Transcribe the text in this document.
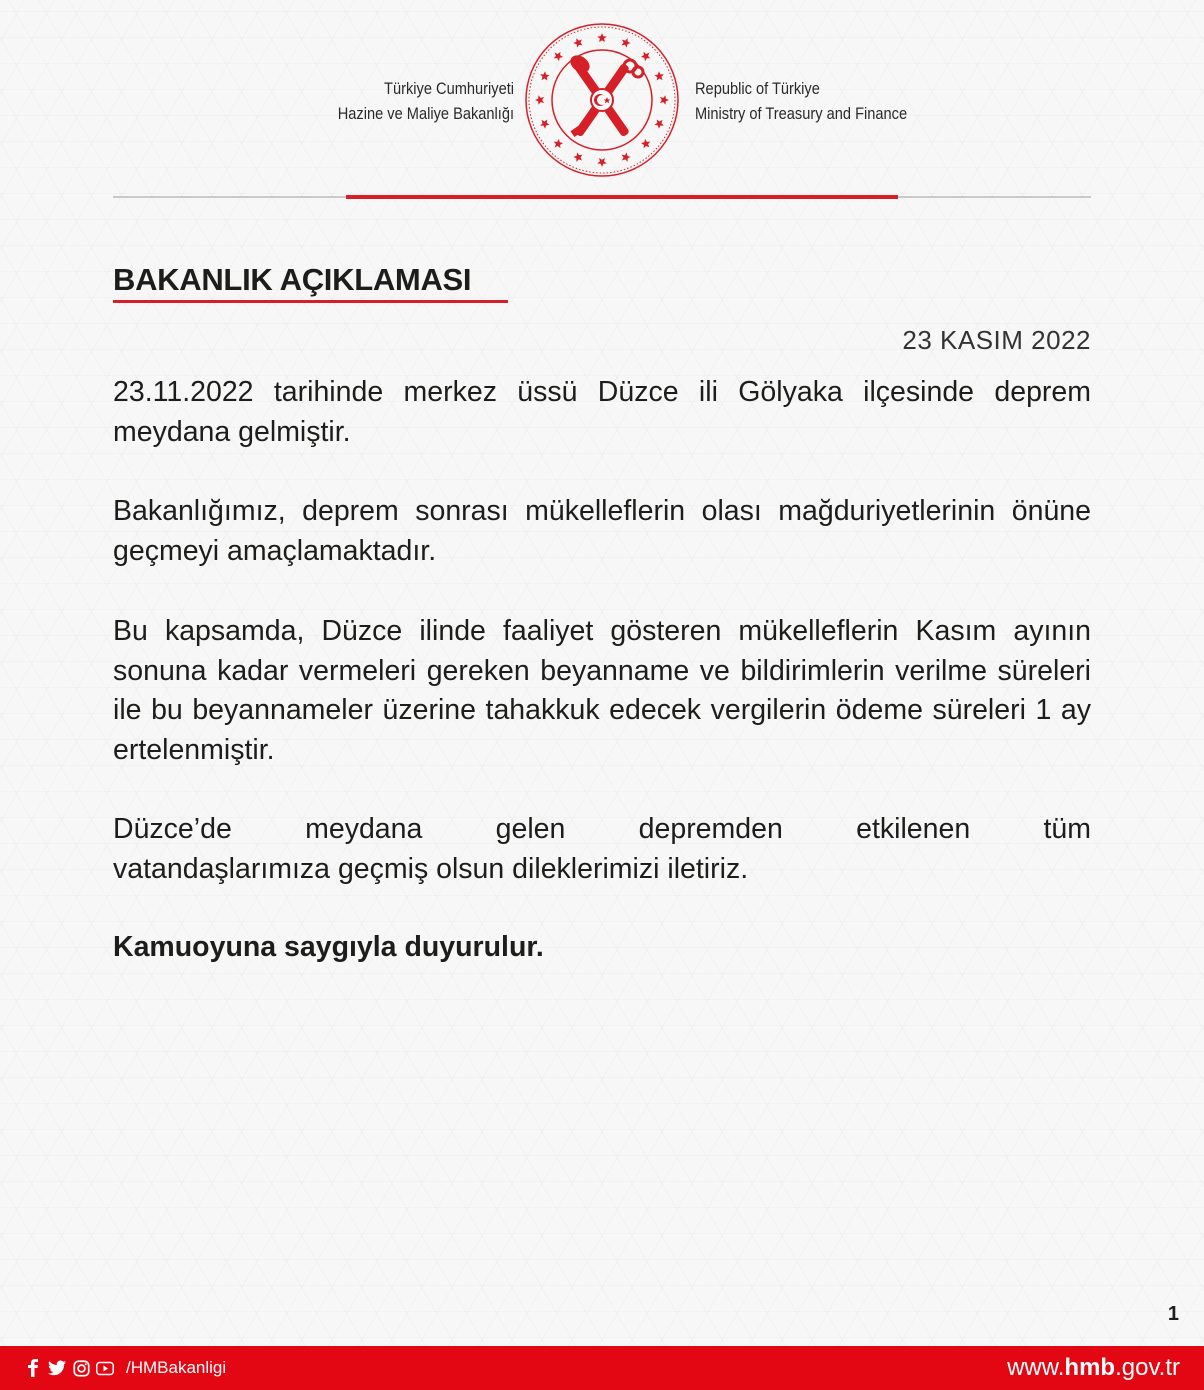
Türkiye Cumhuriyeti
Hazine ve Maliye Bakanlığı
Republic of Türkiye
Ministry of Treasury and Finance
BAKANLIK AÇIKLAMASI
23 KASIM 2022

23.11.2022 tarihinde merkez üssü Düzce ili Gölyaka ilçesinde deprem meydana gelmiştir.

Bakanlığımız, deprem sonrası mükelleflerin olası mağduriyetlerinin önüne geçmeyi amaçlamaktadır.

Bu kapsamda, Düzce ilinde faaliyet gösteren mükelleflerin Kasım ayının sonuna kadar vermeleri gereken beyanname ve bildirimlerin verilme süreleri ile bu beyannameler üzerine tahakkuk edecek vergilerin ödeme süreleri 1 ay ertelenmiştir.

Düzce’de meydana gelen depremden etkilenen tüm
vatandaşlarımıza geçmiş olsun dileklerimizi iletiriz.

Kamuoyuna saygıyla duyurulur.

1
/HMBakanligi	www.hmb.gov.tr
